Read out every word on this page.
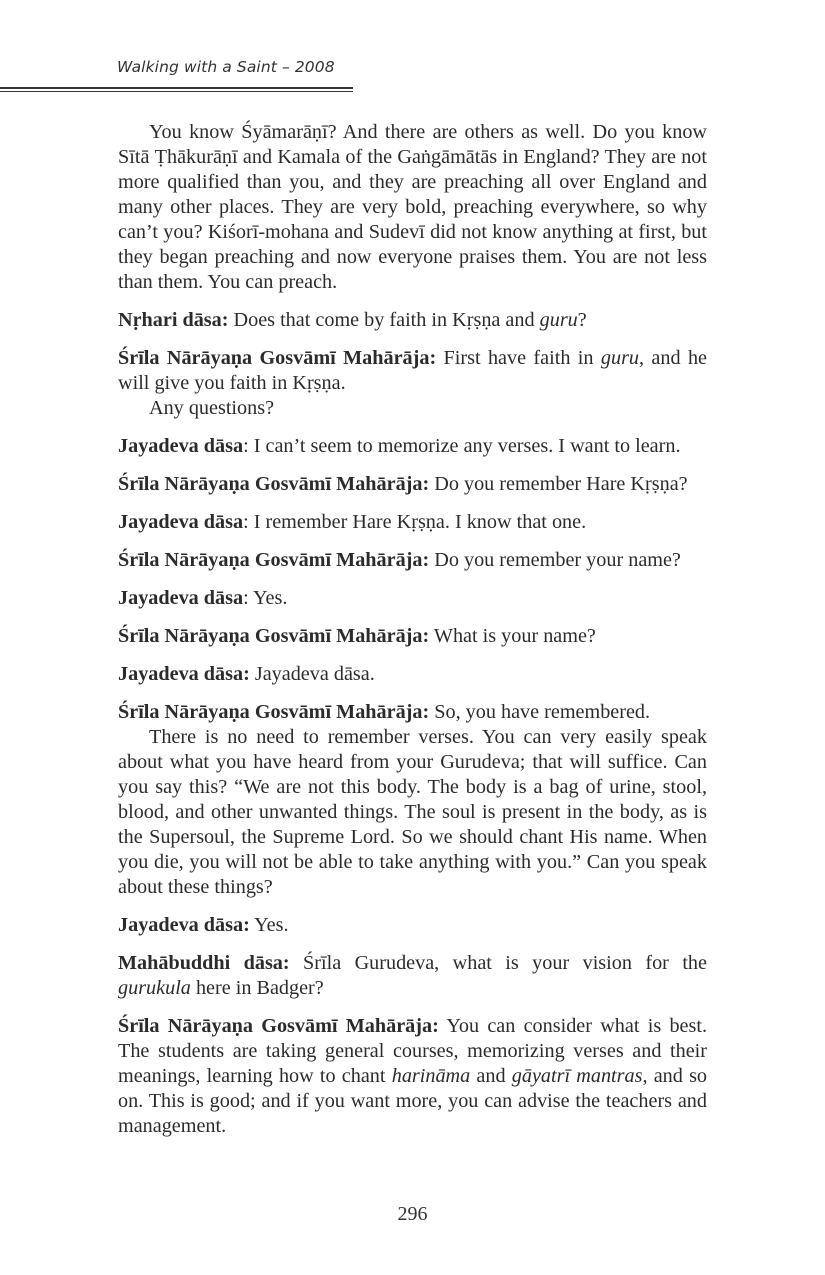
Walking with a Saint – 2008

You know Śyāmarāṇī? And there are others as well. Do you know Sītā Ṭhākurāṇī and Kamala of the Gaṅgāmātās in England? They are not more qualified than you, and they are preaching all over England and many other places. They are very bold, preaching everywhere, so why can’t you? Kiśorī-mohana and Sudevī did not know anything at first, but they began preaching and now everyone praises them. You are not less than them. You can preach.

Nṛhari dāsa: Does that come by faith in Kṛṣṇa and guru?

Śrīla Nārāyaṇa Gosvāmī Mahārāja: First have faith in guru, and he will give you faith in Kṛṣṇa.

Any questions?

Jayadeva dāsa: I can’t seem to memorize any verses. I want to learn.

Śrīla Nārāyaṇa Gosvāmī Mahārāja: Do you remember Hare Kṛṣṇa?

Jayadeva dāsa: I remember Hare Kṛṣṇa. I know that one.

Śrīla Nārāyaṇa Gosvāmī Mahārāja: Do you remember your name?

Jayadeva dāsa: Yes.

Śrīla Nārāyaṇa Gosvāmī Mahārāja: What is your name?

Jayadeva dāsa: Jayadeva dāsa.

Śrīla Nārāyaṇa Gosvāmī Mahārāja: So, you have remembered.

There is no need to remember verses. You can very easily speak about what you have heard from your Gurudeva; that will suffice. Can you say this? “We are not this body. The body is a bag of urine, stool, blood, and other unwanted things. The soul is present in the body, as is the Supersoul, the Supreme Lord. So we should chant His name. When you die, you will not be able to take anything with you.” Can you speak about these things?

Jayadeva dāsa: Yes.

Mahābuddhi dāsa: Śrīla Gurudeva, what is your vision for the gurukula here in Badger?

Śrīla Nārāyaṇa Gosvāmī Mahārāja: You can consider what is best. The students are taking general courses, memorizing verses and their meanings, learning how to chant harināma and gāyatrī mantras, and so on. This is good; and if you want more, you can advise the teachers and management.

296
